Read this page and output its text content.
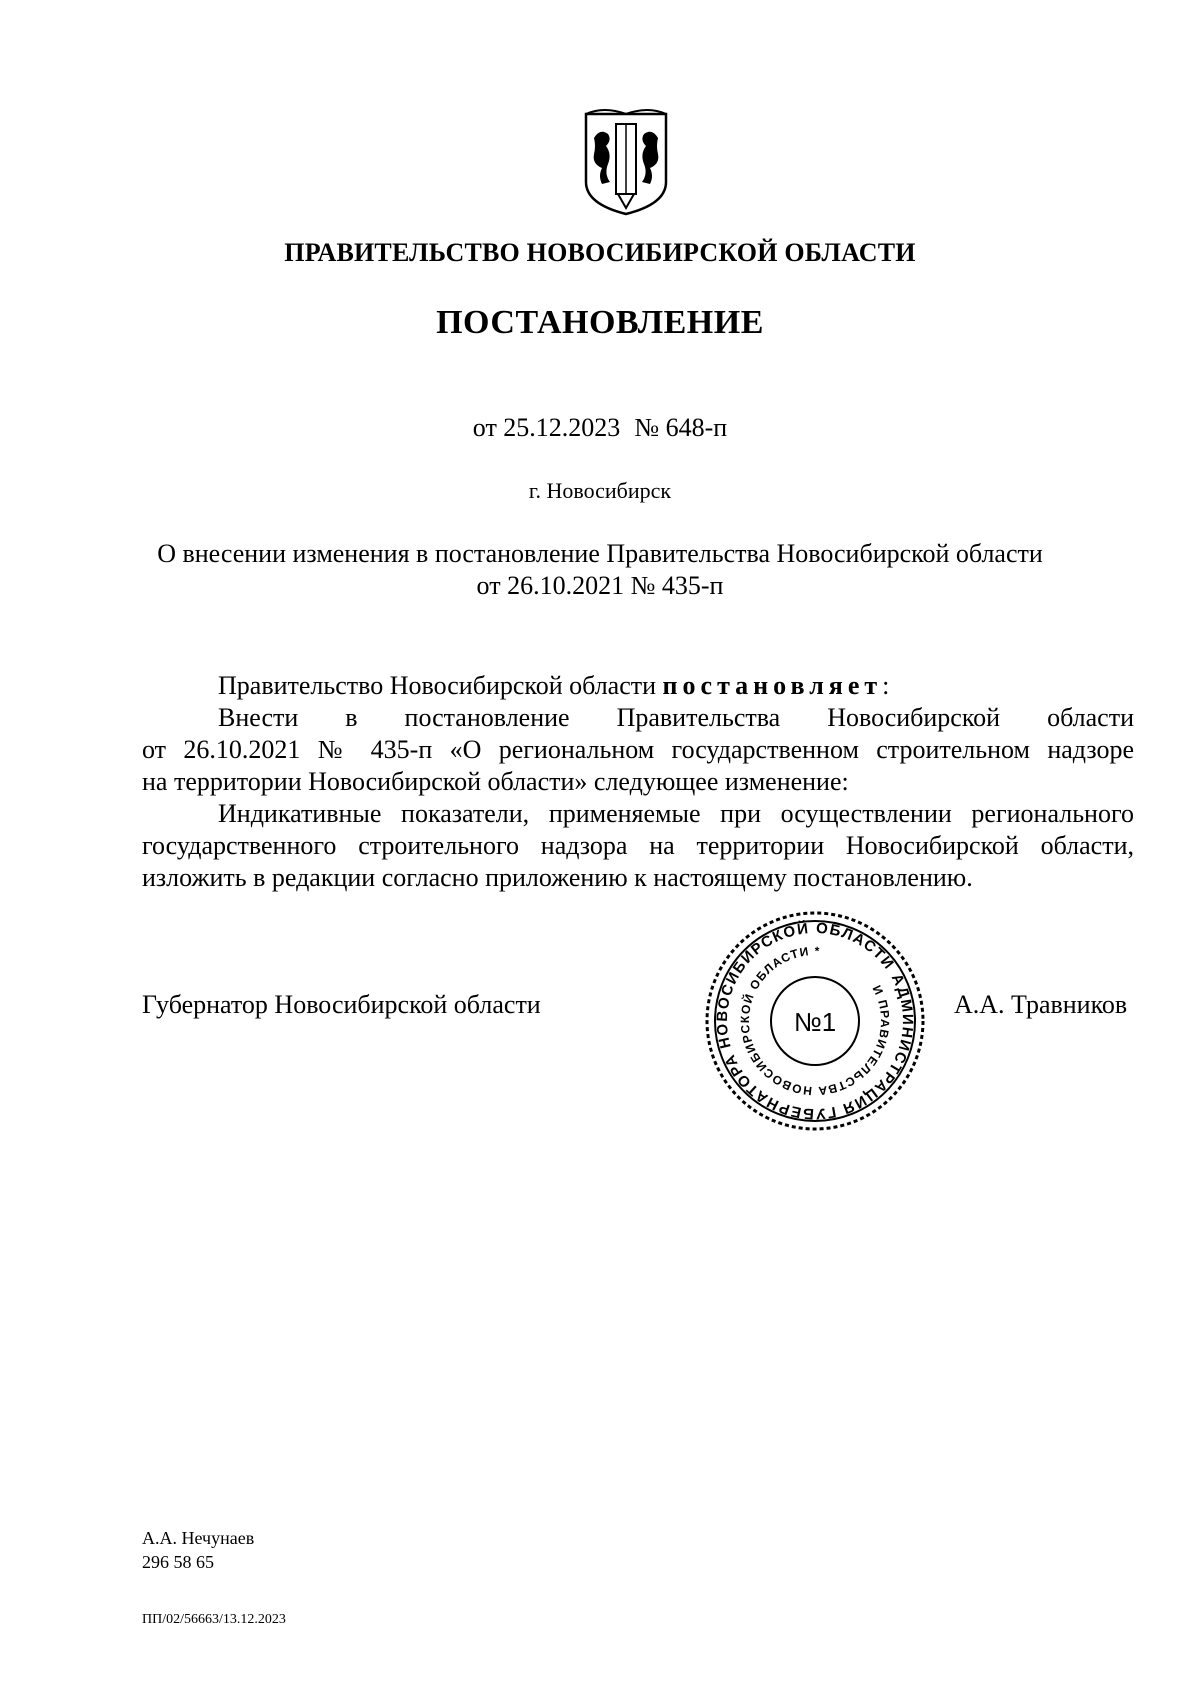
ПРАВИТЕЛЬСТВО НОВОСИБИРСКОЙ ОБЛАСТИ
ПОСТАНОВЛЕНИЕ
от 25.12.2023 № 648-п
г. Новосибирск
О внесении изменения в постановление Правительства Новосибирской области
от 26.10.2021 № 435-п
Правительство Новосибирской области постановляет:
Внести в постановление Правительства Новосибирской области
от 26.10.2021 № 435-п «О региональном государственном строительном надзоре
на территории Новосибирской области» следующее изменение:
Индикативные показатели, применяемые при осуществлении регионального
государственного строительного надзора на территории Новосибирской области,
изложить в редакции согласно приложению к настоящему постановлению.
Губернатор Новосибирской области	А.А. Травников
АДМИНИСТРАЦИЯ ГУБЕРНАТОРА НОВОСИБИРСКОЙ ОБЛАСТИ
И ПРАВИТЕЛЬСТВА НОВОСИБИРСКОЙ ОБЛАСТИ *
№1
А.А. Нечунаев
296 58 65
ПП/02/56663/13.12.2023
